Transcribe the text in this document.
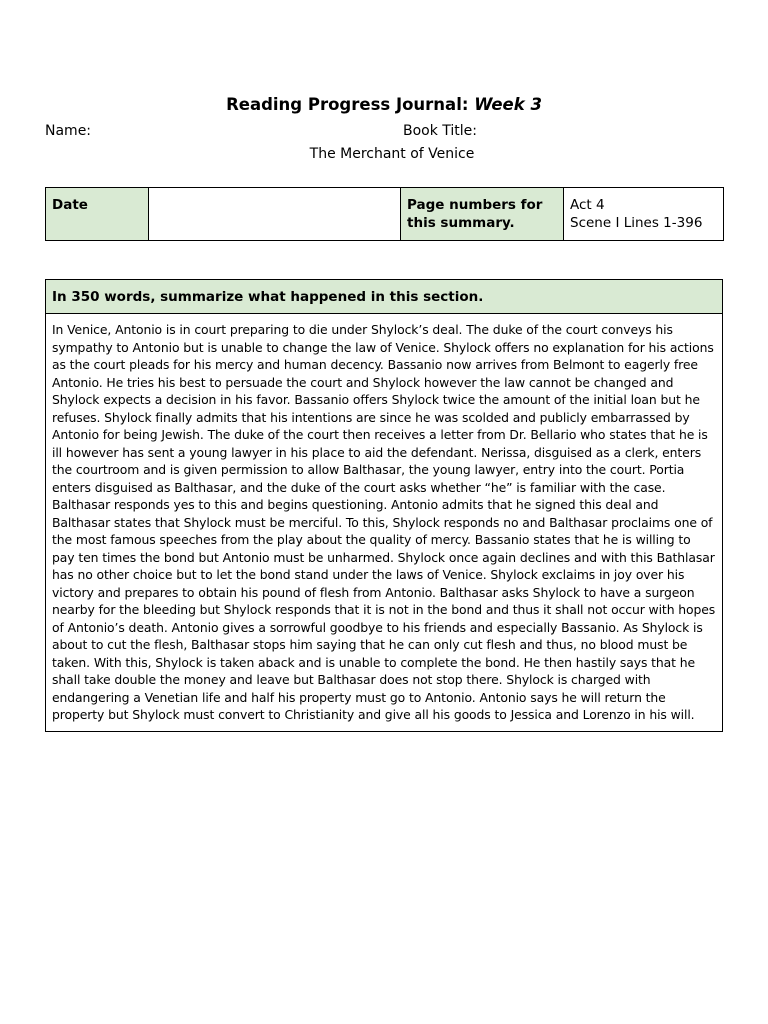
Reading Progress Journal: Week 3
Name:	Book Title:
The Merchant of Venice
Date		Page numbers for this summary.	
Act 4
Scene I Lines 1-396
In 350 words, summarize what happened in this section.
In Venice, Antonio is in court preparing to die under Shylock’s deal. The duke of the court conveys his sympathy to Antonio but is unable to change the law of Venice. Shylock offers no explanation for his actions as the court pleads for his mercy and human decency. Bassanio now arrives from Belmont to eagerly free Antonio. He tries his best to persuade the court and Shylock however the law cannot be changed and Shylock expects a decision in his favor. Bassanio offers Shylock twice the amount of the initial loan but he refuses. Shylock finally admits that his intentions are since he was scolded and publicly embarrassed by Antonio for being Jewish. The duke of the court then receives a letter from Dr. Bellario who states that he is ill however has sent a young lawyer in his place to aid the defendant. Nerissa, disguised as a clerk, enters the courtroom and is given permission to allow Balthasar, the young lawyer, entry into the court. Portia enters disguised as Balthasar, and the duke of the court asks whether “he” is familiar with the case. Balthasar responds yes to this and begins questioning. Antonio admits that he signed this deal and Balthasar states that Shylock must be merciful. To this, Shylock responds no and Balthasar proclaims one of the most famous speeches from the play about the quality of mercy. Bassanio states that he is willing to pay ten times the bond but Antonio must be unharmed. Shylock once again declines and with this Bathlasar has no other choice but to let the bond stand under the laws of Venice. Shylock exclaims in joy over his victory and prepares to obtain his pound of flesh from Antonio. Balthasar asks Shylock to have a surgeon nearby for the bleeding but Shylock responds that it is not in the bond and thus it shall not occur with hopes of Antonio’s death. Antonio gives a sorrowful goodbye to his friends and especially Bassanio. As Shylock is about to cut the flesh, Balthasar stops him saying that he can only cut flesh and thus, no blood must be taken. With this, Shylock is taken aback and is unable to complete the bond. He then hastily says that he shall take double the money and leave but Balthasar does not stop there. Shylock is charged with endangering a Venetian life and half his property must go to Antonio. Antonio says he will return the property but Shylock must convert to Christianity and give all his goods to Jessica and Lorenzo in his will.
